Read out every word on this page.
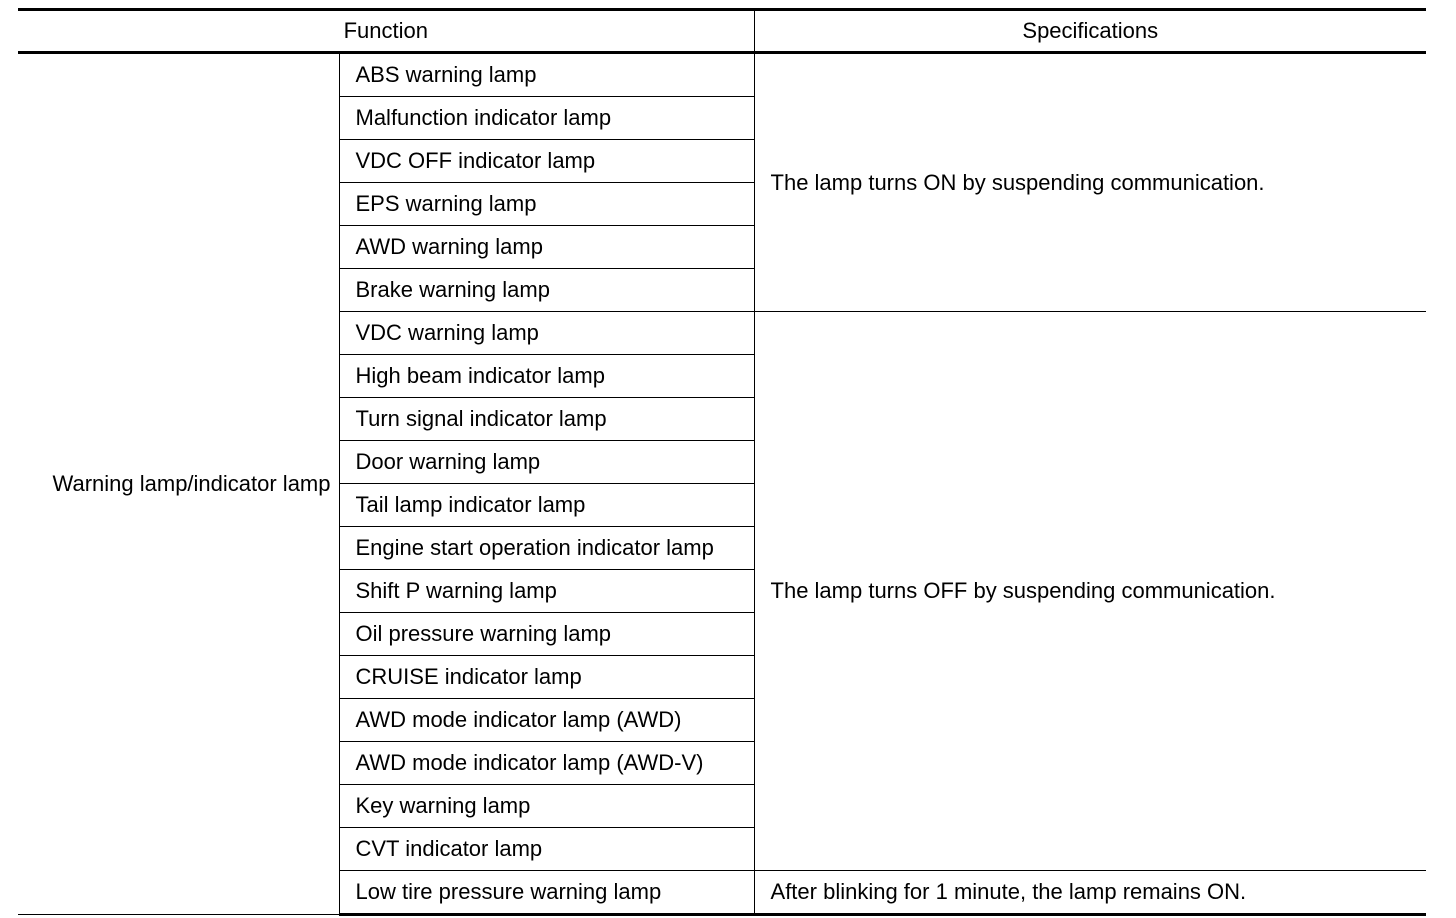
Function		Specifications
Warning lamp/indicator lamp	ABS warning lamp	The lamp turns ON by suspending communication.
	Malfunction indicator lamp	
	VDC OFF indicator lamp	
	EPS warning lamp	
	AWD warning lamp	
	Brake warning lamp	
	VDC warning lamp	The lamp turns OFF by suspending communication.
	High beam indicator lamp	
	Turn signal indicator lamp	
	Door warning lamp	
	Tail lamp indicator lamp	
	Engine start operation indicator lamp	
	Shift P warning lamp	
	Oil pressure warning lamp	
	CRUISE indicator lamp	
	AWD mode indicator lamp (AWD)	
	AWD mode indicator lamp (AWD-V)	
	Key warning lamp	
	CVT indicator lamp	
	Low tire pressure warning lamp	After blinking for 1 minute, the lamp remains ON.
